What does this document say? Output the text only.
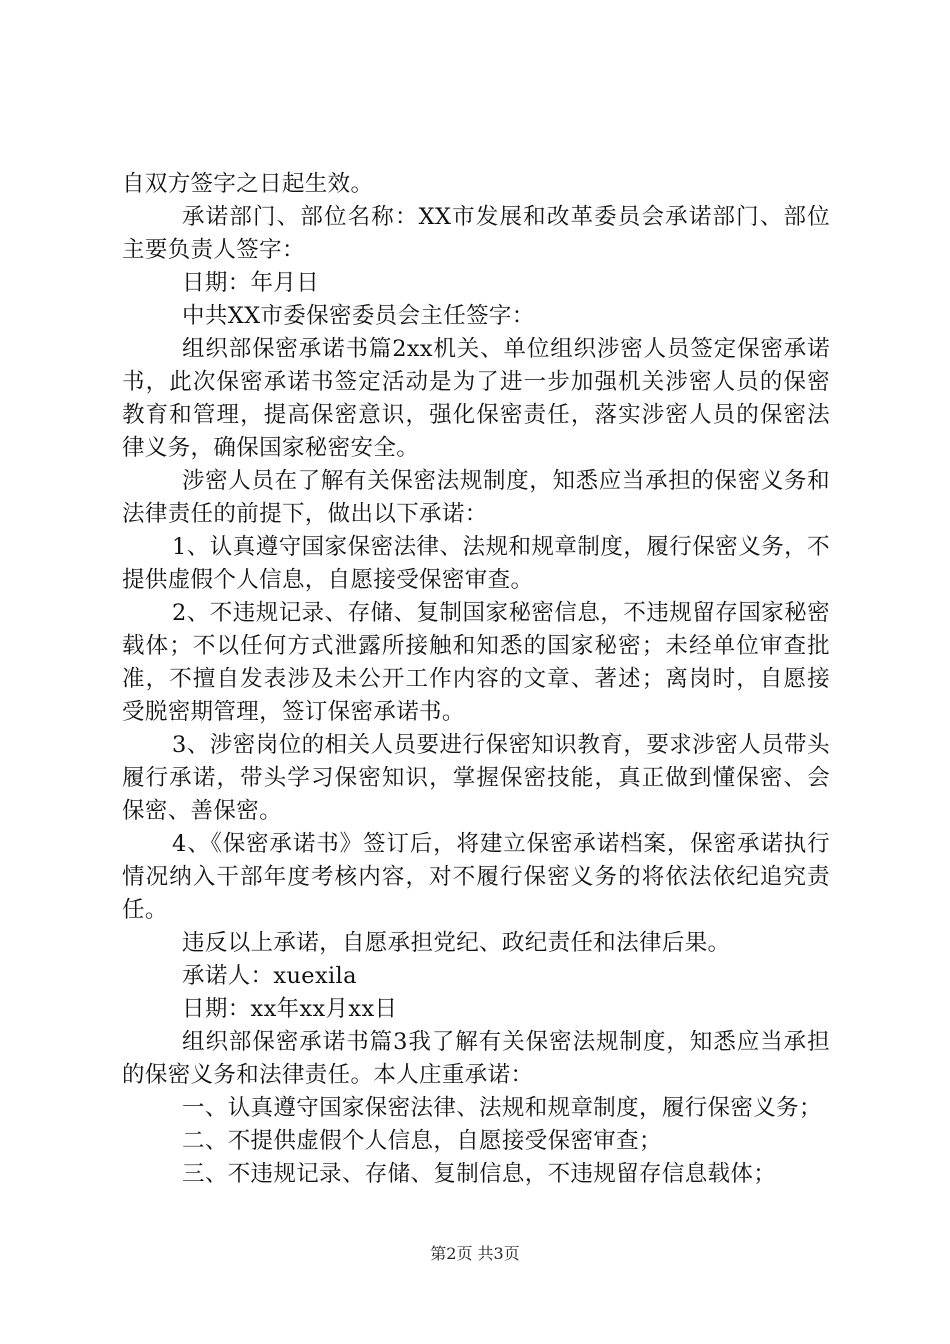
自双方签字之日起生效。

承诺部门、部位名称：XX市发展和改革委员会承诺部门、部位主要负责人签字：

日期：年月日

中共XX市委保密委员会主任签字：

组织部保密承诺书篇2xx机关、单位组织涉密人员签定保密承诺书，此次保密承诺书签定活动是为了进一步加强机关涉密人员的保密教育和管理，提高保密意识，强化保密责任，落实涉密人员的保密法律义务，确保国家秘密安全。

涉密人员在了解有关保密法规制度，知悉应当承担的保密义务和法律责任的前提下，做出以下承诺：

1、认真遵守国家保密法律、法规和规章制度，履行保密义务，不提供虚假个人信息，自愿接受保密审查。

2、不违规记录、存储、复制国家秘密信息，不违规留存国家秘密载体；不以任何方式泄露所接触和知悉的国家秘密；未经单位审查批准，不擅自发表涉及未公开工作内容的文章、著述；离岗时，自愿接受脱密期管理，签订保密承诺书。

3、涉密岗位的相关人员要进行保密知识教育，要求涉密人员带头履行承诺，带头学习保密知识，掌握保密技能，真正做到懂保密、会保密、善保密。

4、《保密承诺书》签订后，将建立保密承诺档案，保密承诺执行情况纳入干部年度考核内容，对不履行保密义务的将依法依纪追究责任。

违反以上承诺，自愿承担党纪、政纪责任和法律后果。

承诺人：xuexila

日期：xx年xx月xx日

组织部保密承诺书篇3我了解有关保密法规制度，知悉应当承担的保密义务和法律责任。本人庄重承诺：

一、认真遵守国家保密法律、法规和规章制度，履行保密义务；

二、不提供虚假个人信息，自愿接受保密审查；

三、不违规记录、存储、复制信息，不违规留存信息载体；

第2页 共3页
